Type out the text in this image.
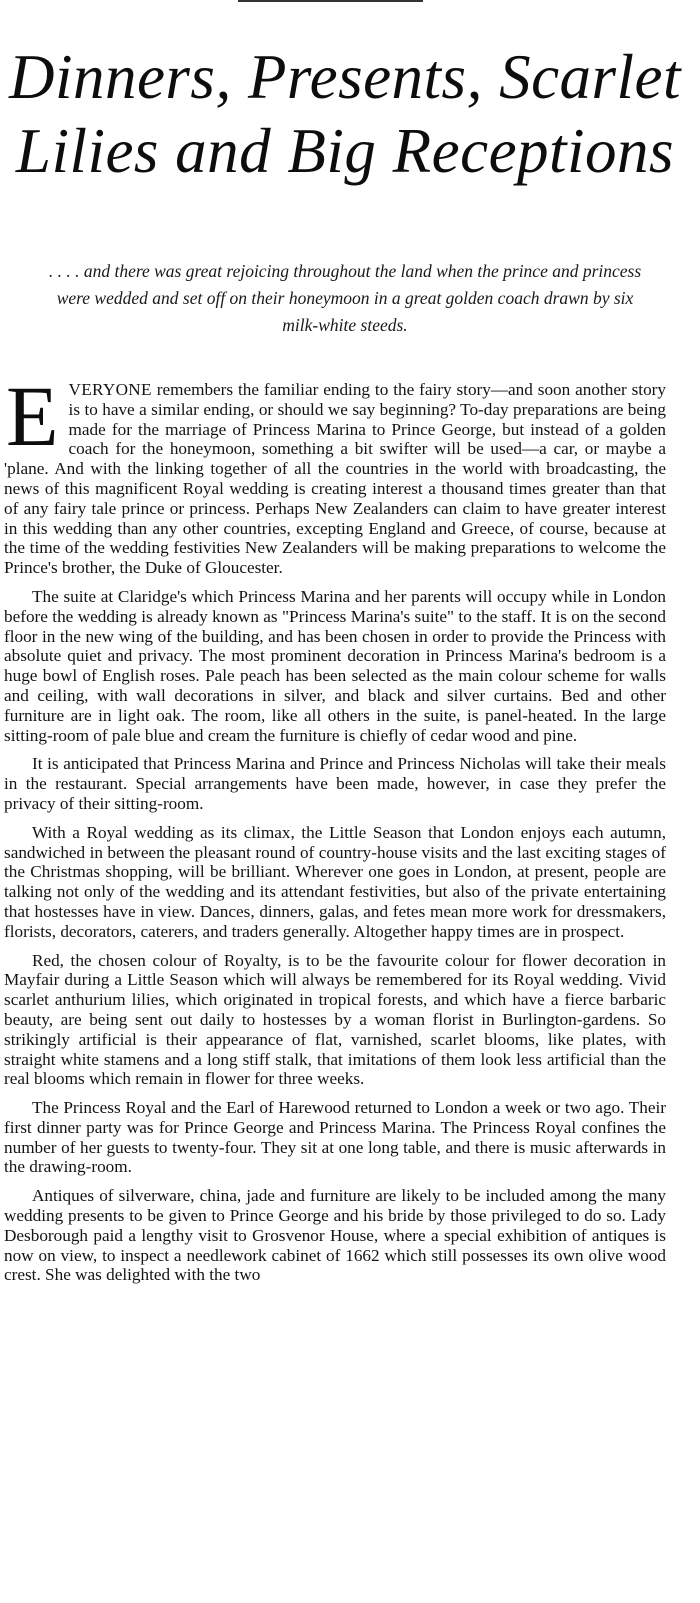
Dinners, Presents, Scarlet
Lilies and Big Receptions

. . . . and there was great rejoicing throughout the land when the prince and princess were wedded and set off on their honeymoon in a great golden coach drawn by six milk-white steeds.

EVERYONE remembers the familiar ending to the fairy story—and soon another story is to have a similar ending, or should we say beginning? To-day preparations are being made for the marriage of Princess Marina to Prince George, but instead of a golden coach for the honeymoon, something a bit swifter will be used—a car, or maybe a 'plane. And with the linking together of all the countries in the world with broadcasting, the news of this magnificent Royal wedding is creating interest a thousand times greater than that of any fairy tale prince or princess. Perhaps New Zealanders can claim to have greater interest in this wedding than any other countries, excepting England and Greece, of course, because at the time of the wedding festivities New Zealanders will be making preparations to welcome the Prince's brother, the Duke of Gloucester.

The suite at Claridge's which Princess Marina and her parents will occupy while in London before the wedding is already known as "Princess Marina's suite" to the staff. It is on the second floor in the new wing of the building, and has been chosen in order to provide the Princess with absolute quiet and privacy. The most prominent decoration in Princess Marina's bedroom is a huge bowl of English roses. Pale peach has been selected as the main colour scheme for walls and ceiling, with wall decorations in silver, and black and silver curtains. Bed and other furniture are in light oak. The room, like all others in the suite, is panel-heated. In the large sitting-room of pale blue and cream the furniture is chiefly of cedar wood and pine.

It is anticipated that Princess Marina and Prince and Princess Nicholas will take their meals in the restaurant. Special arrangements have been made, however, in case they prefer the privacy of their sitting-room.

With a Royal wedding as its climax, the Little Season that London enjoys each autumn, sandwiched in between the pleasant round of country-house visits and the last exciting stages of the Christmas shopping, will be brilliant. Wherever one goes in London, at present, people are talking not only of the wedding and its attendant festivities, but also of the private entertaining that hostesses have in view. Dances, dinners, galas, and fetes mean more work for dressmakers, florists, decorators, caterers, and traders generally. Altogether happy times are in prospect.

Red, the chosen colour of Royalty, is to be the favourite colour for flower decoration in Mayfair during a Little Season which will always be remembered for its Royal wedding. Vivid scarlet anthurium lilies, which originated in tropical forests, and which have a fierce barbaric beauty, are being sent out daily to hostesses by a woman florist in Burlington-gardens. So strikingly artificial is their appearance of flat, varnished, scarlet blooms, like plates, with straight white stamens and a long stiff stalk, that imitations of them look less artificial than the real blooms which remain in flower for three weeks.

The Princess Royal and the Earl of Harewood returned to London a week or two ago. Their first dinner party was for Prince George and Princess Marina. The Princess Royal confines the number of her guests to twenty-four. They sit at one long table, and there is music afterwards in the drawing-room.

Antiques of silverware, china, jade and furniture are likely to be included among the many wedding presents to be given to Prince George and his bride by those privileged to do so. Lady Desborough paid a lengthy visit to Grosvenor House, where a special exhibition of antiques is now on view, to inspect a needlework cabinet of 1662 which still possesses its own olive wood crest. She was delighted with the two
